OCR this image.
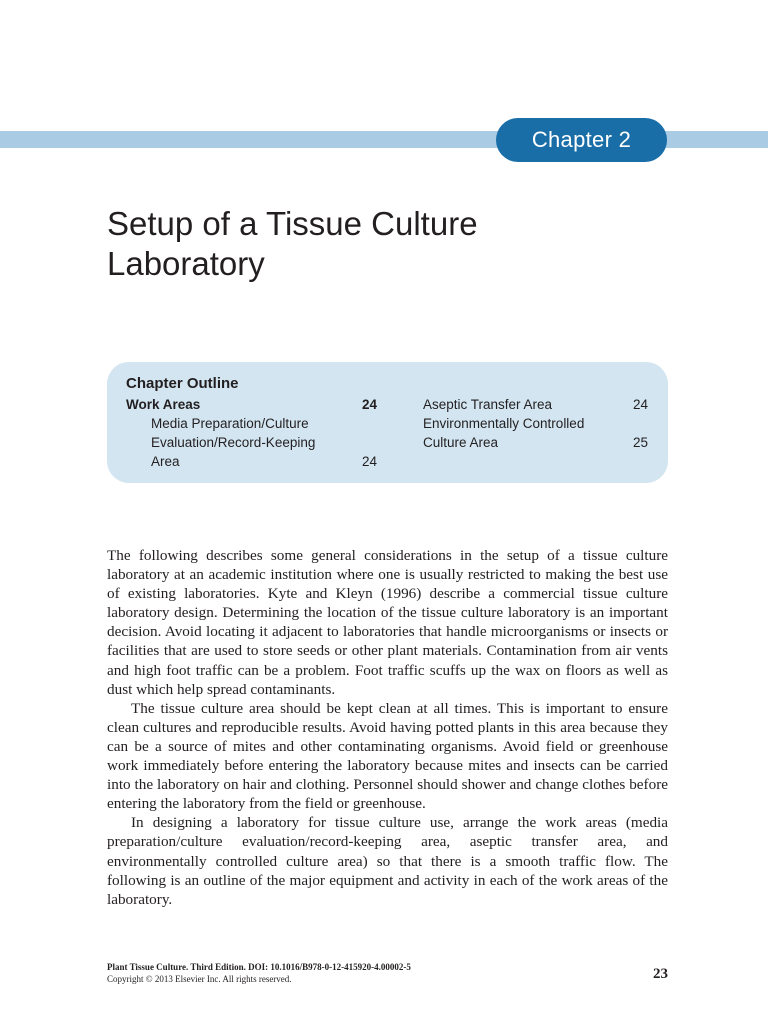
Chapter 2
Setup of a Tissue Culture
Laboratory
Chapter Outline
Work Areas	24
Media Preparation/Culture
Evaluation/Record-Keeping
Area	24
Aseptic Transfer Area	24
Environmentally Controlled
Culture Area	25

The following describes some general considerations in the setup of a tissue culture laboratory at an academic institution where one is usually restricted to making the best use of existing laboratories. Kyte and Kleyn (1996) describe a commercial tissue culture laboratory design. Determining the location of the tissue culture laboratory is an important decision. Avoid locating it adjacent to laboratories that handle microorganisms or insects or facilities that are used to store seeds or other plant materials. Contamination from air vents and high foot traffic can be a problem. Foot traffic scuffs up the wax on floors as well as dust which help spread contaminants.

The tissue culture area should be kept clean at all times. This is important to ensure clean cultures and reproducible results. Avoid having potted plants in this area because they can be a source of mites and other contaminating organisms. Avoid field or greenhouse work immediately before entering the laboratory because mites and insects can be carried into the laboratory on hair and clothing. Personnel should shower and change clothes before entering the laboratory from the field or greenhouse.

In designing a laboratory for tissue culture use, arrange the work areas (media preparation/culture evaluation/record-keeping area, aseptic transfer area, and environmentally controlled culture area) so that there is a smooth traffic flow. The following is an outline of the major equipment and activity in each of the work areas of the laboratory.

Plant Tissue Culture. Third Edition. DOI: 10.1016/B978-0-12-415920-4.00002-5
Copyright © 2013 Elsevier Inc. All rights reserved.	23
